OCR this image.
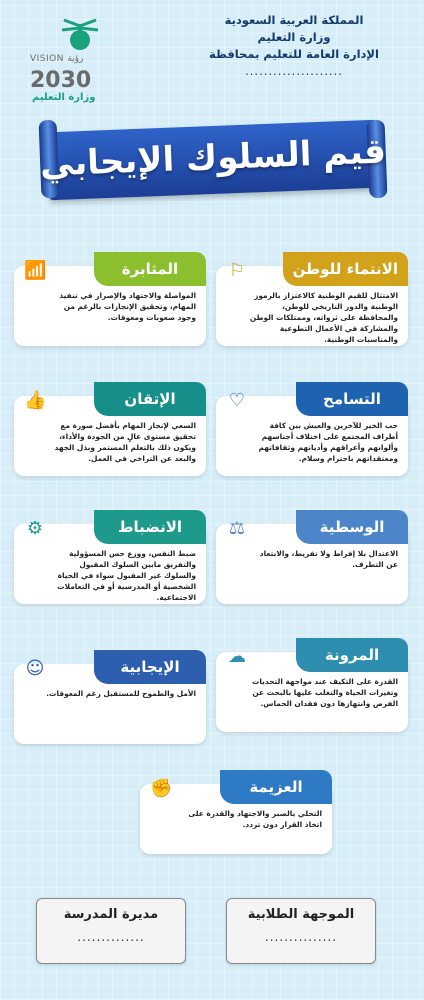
المملكة العربية السعودية
وزارة التعليم
الإدارة العامة للتعليم بمحافظة
.....................
VISION رؤية
2030
وزارة التعليم
قيم السلوك الإيجابي
الانتماء للوطن
⚐
الامتثال للقيم الوطنية كالاعتزاز بالرموز الوطنية والدور التاريخي للوطن، والمحافظة على ثرواته، وممتلكات الوطن والمشاركة في الأعمال التطوعية والمناسبات الوطنية.
المثابرة
📶
المواصلة والاجتهاد والإصرار في تنفيذ المهام، وتحقيق الإنجازات بالرغم من وجود صعوبات ومعوقات.
التسامح
♡
حب الخير للآخرين والعيش بين كافة أطراف المجتمع على اختلاف أجناسهم وألوانهم وأعراقهم وأديانهم وثقافاتهم ومعتقداتهم باحترام وسلام.
الإتقان
👍
السعي لإنجاز المهام بأفضل صورة مع تحقيق مستوى عالٍ من الجودة والأداء، ويكون ذلك بالتعلم المستمر وبذل الجهد والبعد عن التراخي في العمل.
الوسطية
⚖
الاعتدال بلا إفراط ولا تفريط، والابتعاد عن التطرف.
الانضباط
⚙
ضبط النفس، ووزع حس المسؤولية والتفريق مابين السلوك المقبول والسلوك غير المقبول سواء في الحياة الشخصية أو المدرسية أو في التعاملات الاجتماعية.
المرونة
☁
القدرة على التكيف عند مواجهة التحديات وتغيرات الحياة والتغلب عليها بالبحث عن الفرص وانتهازها دون فقدان الحماس.
الإيجابية
☺
الأمل والطموح للمستقبل رغم المعوقات.
العزيمة
✊
التحلي بالصبر والاجتهاد والقدرة على اتخاذ القرار دون تردد.
الموجهة الطلابية
...............
مديرة المدرسة
..............
